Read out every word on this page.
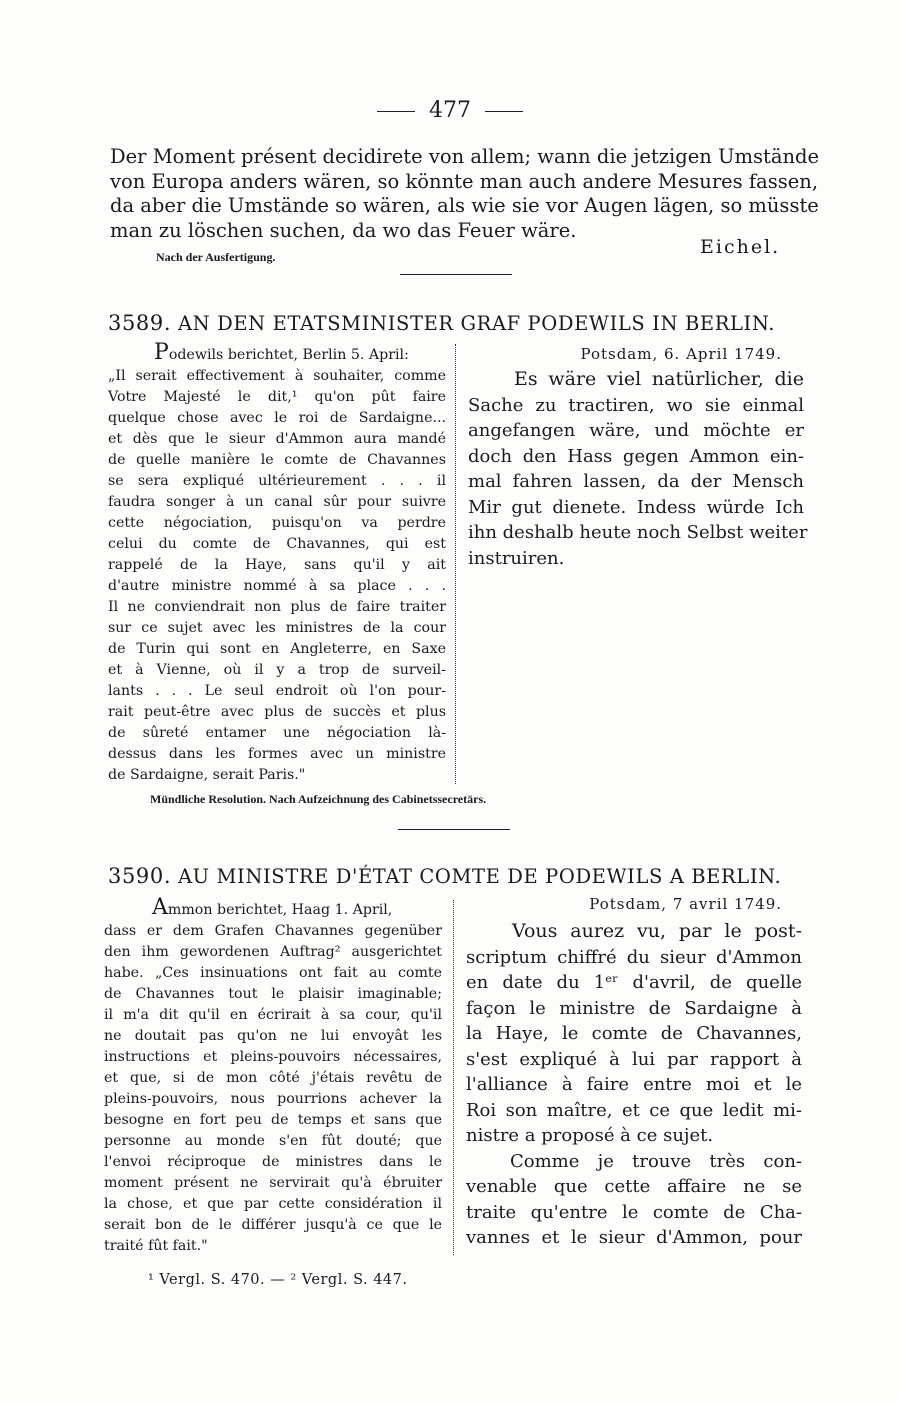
477
Der Moment présent decidirete von allem; wann die jetzigen Umstände
von Europa anders wären, so könnte man auch andere Mesures fassen,
da aber die Umstände so wären, als wie sie vor Augen lägen, so müsste
man zu löschen suchen, da wo das Feuer wäre.
Eichel.
Nach der Ausfertigung.
3589. AN DEN ETATSMINISTER GRAF PODEWILS IN BERLIN.
Podewils berichtet, Berlin 5. April:
„Il serait effectivement à souhaiter, comme
Votre Majesté le dit,¹ qu'on pût faire
quelque chose avec le roi de Sardaigne...
et dès que le sieur d'Ammon aura mandé
de quelle manière le comte de Chavannes
se sera expliqué ultérieurement . . . il
faudra songer à un canal sûr pour suivre
cette négociation, puisqu'on va perdre
celui du comte de Chavannes, qui est
rappelé de la Haye, sans qu'il y ait
d'autre ministre nommé à sa place . . .
Il ne conviendrait non plus de faire traiter
sur ce sujet avec les ministres de la cour
de Turin qui sont en Angleterre, en Saxe
et à Vienne, où il y a trop de surveil-
lants . . . Le seul endroit où l'on pour-
rait peut-être avec plus de succès et plus
de sûreté entamer une négociation là-
dessus dans les formes avec un ministre
de Sardaigne, serait Paris."
Potsdam, 6. April 1749.
Es wäre viel natürlicher, die
Sache zu tractiren, wo sie einmal
angefangen wäre, und möchte er
doch den Hass gegen Ammon ein-
mal fahren lassen, da der Mensch
Mir gut dienete. Indess würde Ich
ihn deshalb heute noch Selbst weiter
instruiren.
Mündliche Resolution. Nach Aufzeichnung des Cabinetssecretärs.
3590. AU MINISTRE D'ÉTAT COMTE DE PODEWILS A BERLIN.
Ammon berichtet, Haag 1. April,
dass er dem Grafen Chavannes gegenüber
den ihm gewordenen Auftrag² ausgerichtet
habe. „Ces insinuations ont fait au comte
de Chavannes tout le plaisir imaginable;
il m'a dit qu'il en écrirait à sa cour, qu'il
ne doutait pas qu'on ne lui envoyât les
instructions et pleins-pouvoirs nécessaires,
et que, si de mon côté j'étais revêtu de
pleins-pouvoirs, nous pourrions achever la
besogne en fort peu de temps et sans que
personne au monde s'en fût douté; que
l'envoi réciproque de ministres dans le
moment présent ne servirait qu'à ébruiter
la chose, et que par cette considération il
serait bon de le différer jusqu'à ce que le
traité fût fait."
Potsdam, 7 avril 1749.
Vous aurez vu, par le post-
scriptum chiffré du sieur d'Ammon
en date du 1ᵉʳ d'avril, de quelle
façon le ministre de Sardaigne à
la Haye, le comte de Chavannes,
s'est expliqué à lui par rapport à
l'alliance à faire entre moi et le
Roi son maître, et ce que ledit mi-
nistre a proposé à ce sujet.
Comme je trouve très con-
venable que cette affaire ne se
traite qu'entre le comte de Cha-
vannes et le sieur d'Ammon, pour
¹ Vergl. S. 470. — ² Vergl. S. 447.
